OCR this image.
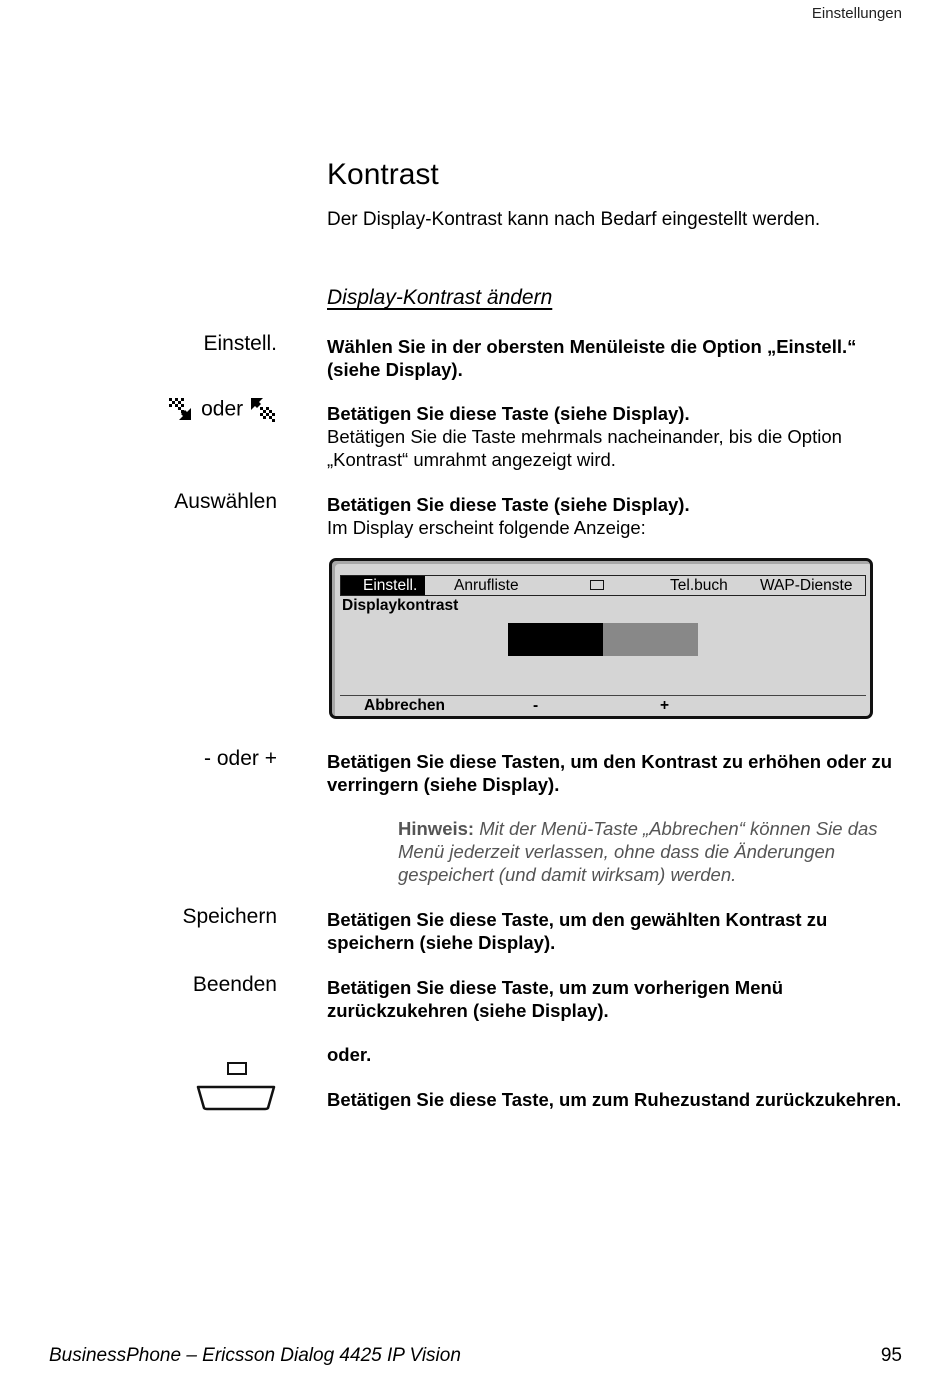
Einstellungen
Kontrast
Der Display-Kontrast kann nach Bedarf eingestellt werden.
Display-Kontrast ändern
Einstell.	Wählen Sie in der obersten Menüleiste die Option „Einstell.“ (siehe Display).
oder	Betätigen Sie diese Taste (siehe Display).
Betätigen Sie die Taste mehrmals nacheinander, bis die Option „Kontrast“ umrahmt angezeigt wird.
Auswählen	Betätigen Sie diese Taste (siehe Display).
Im Display erscheint folgende Anzeige:
Einstell.	Anrufliste	Tel.buch WAP-Dienste
Displaykontrast
Abbrechen	-	+
- oder +	Betätigen Sie diese Tasten, um den Kontrast zu erhöhen oder zu verringern (siehe Display).
Hinweis: Mit der Menü-Taste „Abbrechen“ können Sie das Menü jederzeit verlassen, ohne dass die Änderungen gespeichert (und damit wirksam) werden.
Speichern	Betätigen Sie diese Taste, um den gewählten Kontrast zu speichern (siehe Display).
Beenden	Betätigen Sie diese Taste, um zum vorherigen Menü zurückzukehren (siehe Display).
oder.
Betätigen Sie diese Taste, um zum Ruhezustand zurückzukehren.
BusinessPhone – Ericsson Dialog 4425 IP Vision	95
